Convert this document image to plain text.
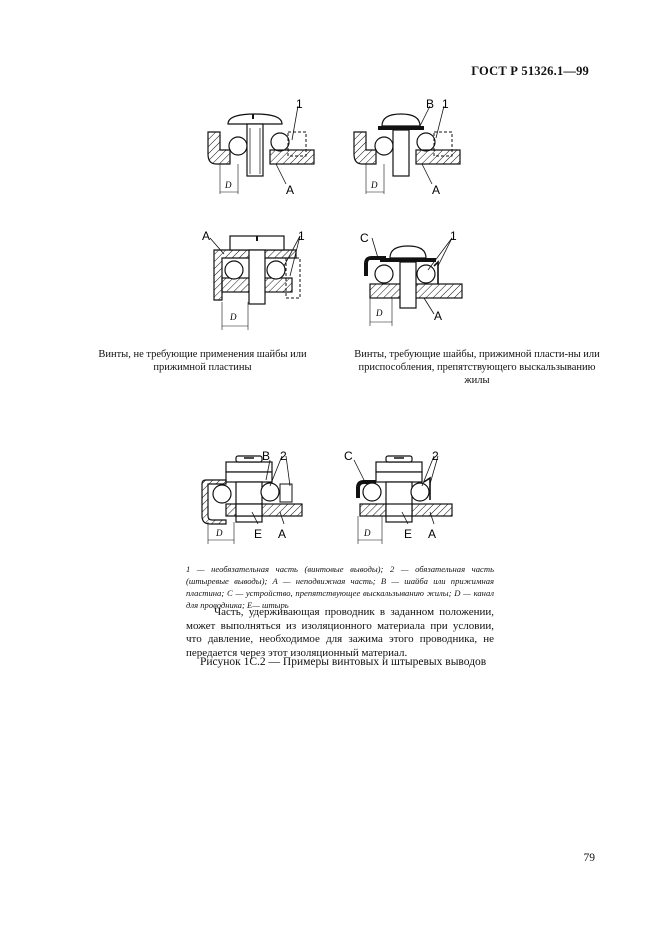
ГОСТ Р 51326.1—99
1
A
D
B 1
A
D
A	1
D
C	1
A
D
Винты, не требующие применения шайбы или прижимной пластины
Винты, требующие шайбы, прижимной пласти-ны или приспособления, препятствующего выскальзыванию жилы
B 2
D	E A
C	2
D	E A
1 — необязательная часть (винтовые выводы); 2 — обязательная часть (штыревые выводы); A — неподвижная часть; B — шайба или прижимная пластина; C — устройство, препятствующее выскальзыванию жилы; D — канал для проводника; E— штырь
Часть, удерживающая проводник в заданном положении, может выполняться из изоляционного материала при условии, что давление, необходимое для зажима этого проводника, не передается через этот изоляционный материал.
Рисунок 1С.2 — Примеры винтовых и штыревых выводов
79
